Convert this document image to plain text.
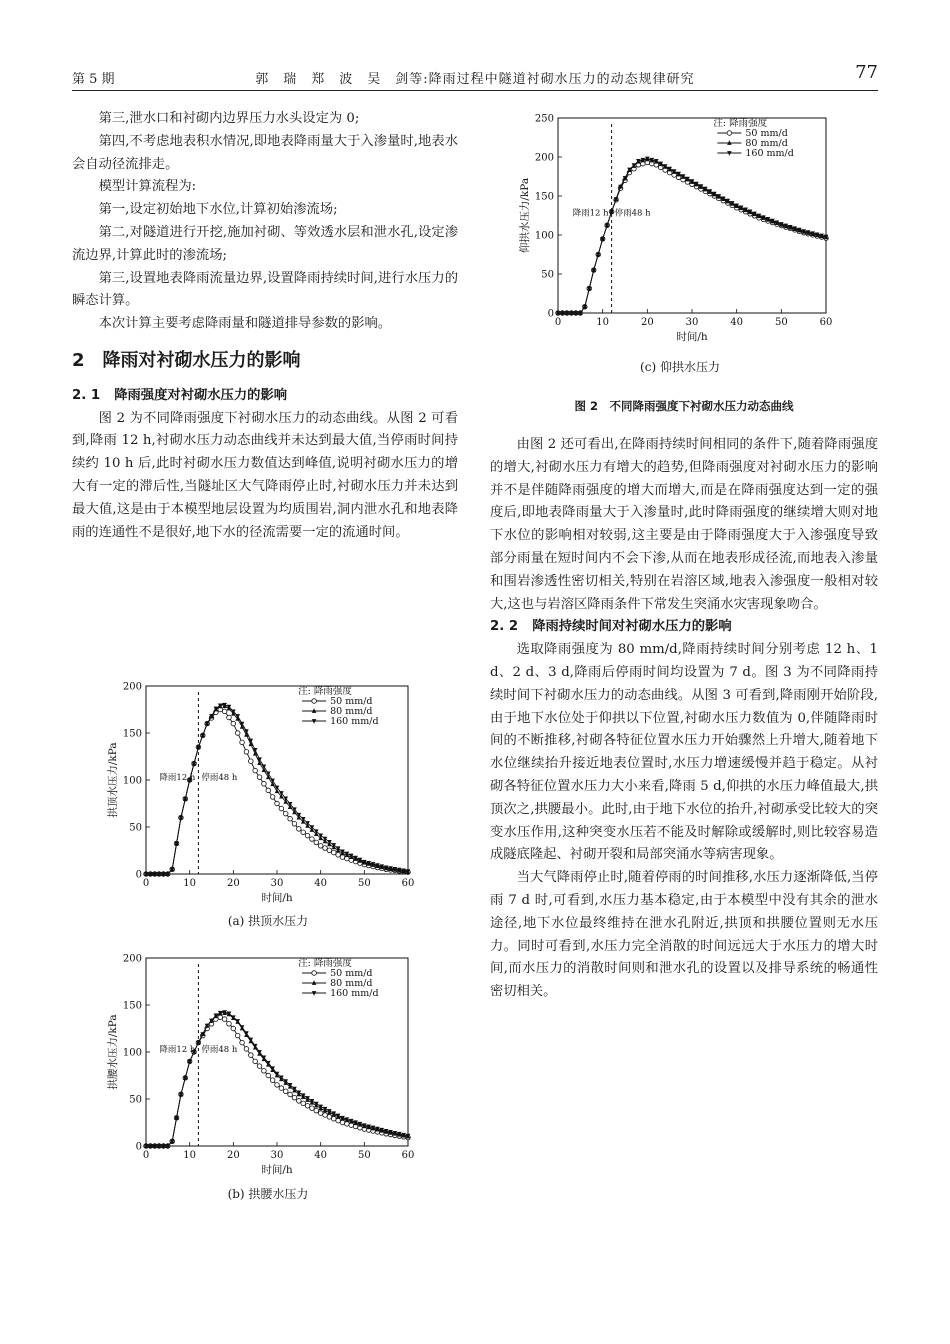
第 5 期	郭　瑞　郑　波　吴　剑等:降雨过程中隧道衬砌水压力的动态规律研究	77

第三,泄水口和衬砌内边界压力水头设定为 0;

第四,不考虑地表积水情况,即地表降雨量大于入渗量时,地表水会自动径流排走。

模型计算流程为:

第一,设定初始地下水位,计算初始渗流场;

第二,对隧道进行开挖,施加衬砌、等效透水层和泄水孔,设定渗流边界,计算此时的渗流场;

第三,设置地表降雨流量边界,设置降雨持续时间,进行水压力的瞬态计算。

本次计算主要考虑降雨量和隧道排导参数的影响。

2 降雨对衬砌水压力的影响
2. 1 降雨强度对衬砌水压力的影响

图 2 为不同降雨强度下衬砌水压力的动态曲线。从图 2 可看到,降雨 12 h,衬砌水压力动态曲线并未达到最大值,当停雨时间持续约 10 h 后,此时衬砌水压力数值达到峰值,说明衬砌水压力的增大有一定的滞后性,当隧址区大气降雨停止时,衬砌水压力并未达到最大值,这是由于本模型地层设置为均质围岩,洞内泄水孔和地表降雨的连通性不是很好,地下水的径流需要一定的流通时间。

由图 2 还可看出,在降雨持续时间相同的条件下,随着降雨强度的增大,衬砌水压力有增大的趋势,但降雨强度对衬砌水压力的影响并不是伴随降雨强度的增大而增大,而是在降雨强度达到一定的强度后,即地表降雨量大于入渗量时,此时降雨强度的继续增大则对地下水位的影响相对较弱,这主要是由于降雨强度大于入渗强度导致部分雨量在短时间内不会下渗,从而在地表形成径流,而地表入渗量和围岩渗透性密切相关,特别在岩溶区域,地表入渗强度一般相对较大,这也与岩溶区降雨条件下常发生突涌水灾害现象吻合。

2. 2 降雨持续时间对衬砌水压力的影响

选取降雨强度为 80 mm/d,降雨持续时间分别考虑 12 h、1 d、2 d、3 d,降雨后停雨时间均设置为 7 d。图 3 为不同降雨持续时间下衬砌水压力的动态曲线。从图 3 可看到,降雨刚开始阶段,由于地下水位处于仰拱以下位置,衬砌水压力数值为 0,伴随降雨时间的不断推移,衬砌各特征位置水压力开始骤然上升增大,随着地下水位继续抬升接近地表位置时,水压力增速缓慢并趋于稳定。从衬砌各特征位置水压力大小来看,降雨 5 d,仰拱的水压力峰值最大,拱顶次之,拱腰最小。此时,由于地下水位的抬升,衬砌承受比较大的突变水压作用,这种突变水压若不能及时解除或缓解时,则比较容易造成隧底隆起、衬砌开裂和局部突涌水等病害现象。

当大气降雨停止时,随着停雨的时间推移,水压力逐渐降低,当停雨 7 d 时,可看到,水压力基本稳定,由于本模型中没有其余的泄水途径,地下水位最终维持在泄水孔附近,拱顶和拱腰位置则无水压力。同时可看到,水压力完全消散的时间远远大于水压力的增大时间,而水压力的消散时间则和泄水孔的设置以及排导系统的畅通性密切相关。

0	10	20	30	40	50	60
0
50
100
150
200
250
时间/h
仰拱水压力/kPa	降雨12 h 停雨48 h
注: 降雨强度
50 mm/d
80 mm/d
160 mm/d
(c) 仰拱水压力
图 2　不同降雨强度下衬砌水压力动态曲线
0	10	20	30	40	50	60
0
50
100
150
200
时间/h
拱顶水压力/kPa	降雨12 h 停雨48 h
注: 降雨强度
50 mm/d
80 mm/d
160 mm/d
(a) 拱顶水压力
0	10	20	30	40	50	60
0
50
100
150
200
时间/h
拱腰水压力/kPa	降雨12 h 停雨48 h
注: 降雨强度
50 mm/d
80 mm/d
160 mm/d
(b) 拱腰水压力
